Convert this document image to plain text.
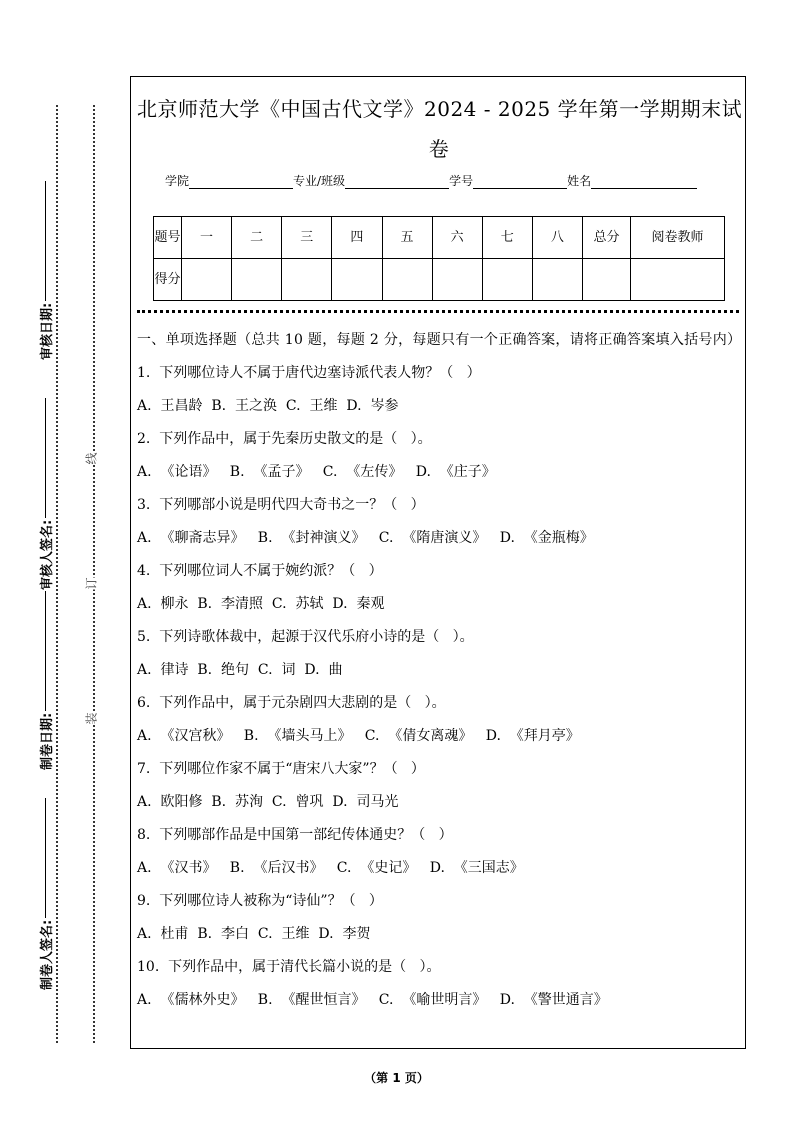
审核日期:
审核人签名:
制卷日期:
制卷人签名:
线
订
装
北京师范大学《中国古代文学》2024 - 2025 学年第一学期期末试
卷
学院	专业/班级	学号	姓名
题号	一	二	三	四	五	六	七	八	总分	阅卷教师
得分										

一、单项选择题（总共 10 题，每题 2 分，每题只有一个正确答案，请将正确答案填入括号内）

1.  下列哪位诗人不属于唐代边塞诗派代表人物？（   ）
A.  王昌龄  B.  王之涣  C.  王维  D.  岑参
2.  下列作品中，属于先秦历史散文的是（   ）。
A.  《论语》   B.  《孟子》   C.  《左传》   D.  《庄子》
3.  下列哪部小说是明代四大奇书之一？（   ）
A.  《聊斋志异》   B.  《封神演义》   C.  《隋唐演义》   D.  《金瓶梅》
4.  下列哪位词人不属于婉约派？（   ）
A.  柳永  B.  李清照  C.  苏轼  D.  秦观
5.  下列诗歌体裁中，起源于汉代乐府小诗的是（   ）。
A.  律诗  B.  绝句  C.  词  D.  曲
6.  下列作品中，属于元杂剧四大悲剧的是（   ）。
A.  《汉宫秋》   B.  《墙头马上》   C.  《倩女离魂》   D.  《拜月亭》
7.  下列哪位作家不属于“唐宋八大家”？（   ）
A.  欧阳修  B.  苏洵  C.  曾巩  D.  司马光
8.  下列哪部作品是中国第一部纪传体通史？（   ）
A.  《汉书》   B.  《后汉书》   C.  《史记》   D.  《三国志》
9.  下列哪位诗人被称为“诗仙”？（   ）
A.  杜甫  B.  李白  C.  王维  D.  李贺
10.  下列作品中，属于清代长篇小说的是（   ）。
A.  《儒林外史》   B.  《醒世恒言》   C.  《喻世明言》   D.  《警世通言》
（第 1 页）
